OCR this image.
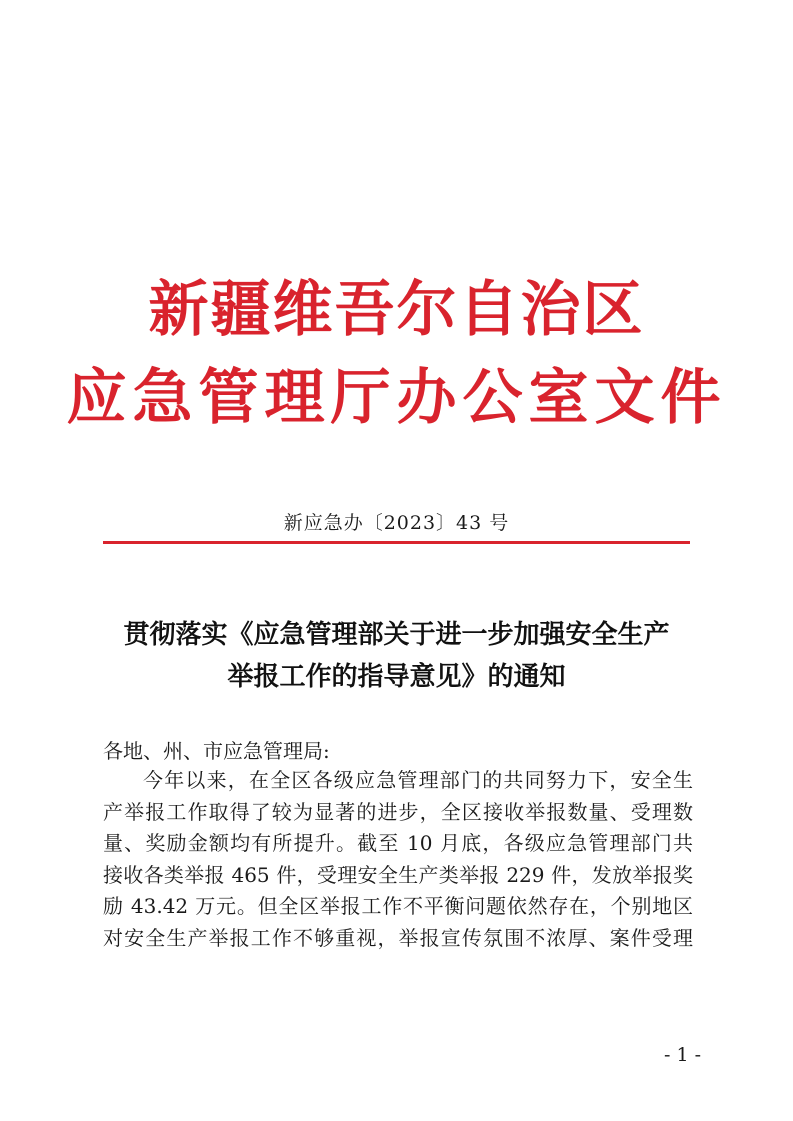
新疆维吾尔自治区
应急管理厅办公室文件
新应急办〔2023〕43 号
贯彻落实《应急管理部关于进一步加强安全生产
举报工作的指导意见》的通知
各地、州、市应急管理局:
今年以来，在全区各级应急管理部门的共同努力下，安全生
产举报工作取得了较为显著的进步，全区接收举报数量、受理数
量、奖励金额均有所提升。截至 10 月底，各级应急管理部门共
接收各类举报 465 件，受理安全生产类举报 229 件，发放举报奖
励 43.42 万元。但全区举报工作不平衡问题依然存在，个别地区
对安全生产举报工作不够重视，举报宣传氛围不浓厚、案件受理
- 1 -
